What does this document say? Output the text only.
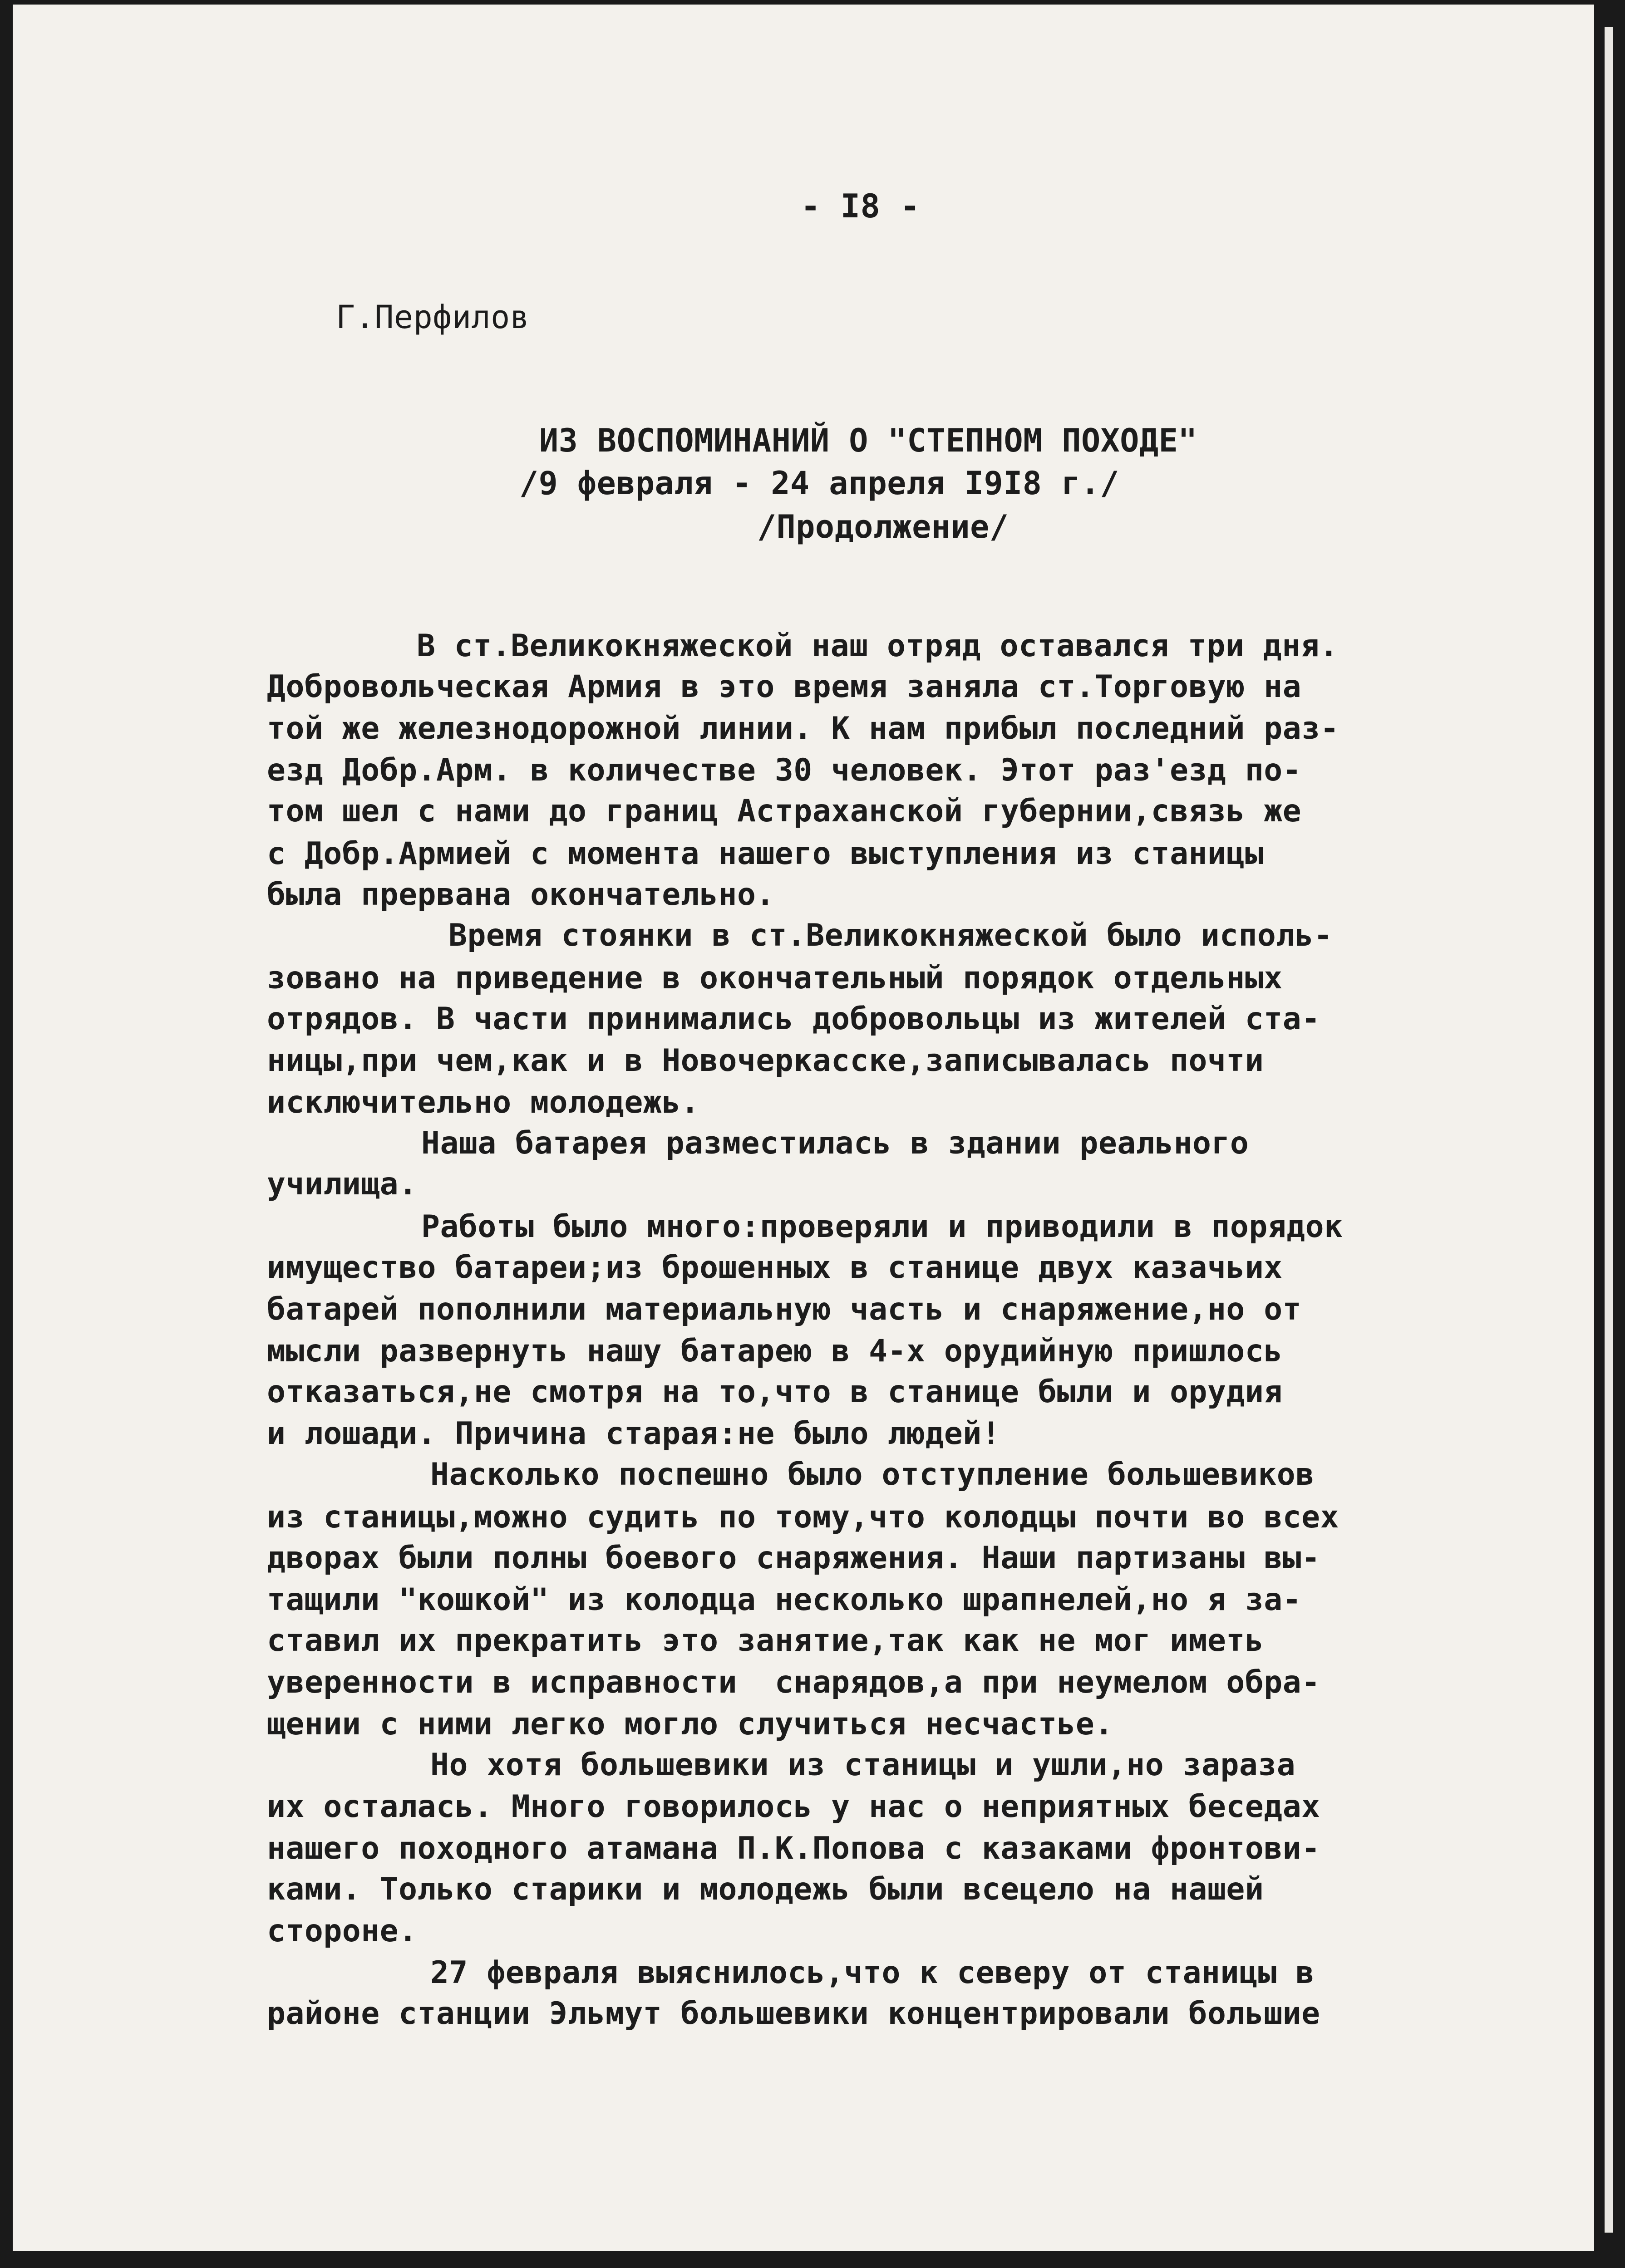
- I8 -
Г.Перфилов
ИЗ ВОСПОМИНАНИЙ О "СТЕПНОМ ПОХОДЕ"
/9 февраля - 24 апреля I9I8 г./
/Продолжение/
В ст.Великокняжеской наш отряд оставался три дня.
Добровольческая Армия в это время заняла ст.Торговую на
той же железнодорожной линии. К нам прибыл последний раз-
езд Добр.Арм. в количестве 30 человек. Этот раз'езд по-
том шел с нами до границ Астраханской губернии,связь же
с Добр.Армией с момента нашего выступления из станицы
была прервана окончательно.
Время стоянки в ст.Великокняжеской было исполь-
зовано на приведение в окончательный порядок отдельных
отрядов. В части принимались добровольцы из жителей ста-
ницы,при чем,как и в Новочеркасске,записывалась почти
исключительно молодежь.
Наша батарея разместилась в здании реального
училища.
Работы было много:проверяли и приводили в порядок
имущество батареи;из брошенных в станице двух казачьих
батарей пополнили материальную часть и снаряжение,но от
мысли развернуть нашу батарею в 4-х орудийную пришлось
отказаться,не смотря на то,что в станице были и орудия
и лошади. Причина старая:не было людей!
Насколько поспешно было отступление большевиков
из станицы,можно судить по тому,что колодцы почти во всех
дворах были полны боевого снаряжения. Наши партизаны вы-
тащили "кошкой" из колодца несколько шрапнелей,но я за-
ставил их прекратить это занятие,так как не мог иметь
уверенности в исправности  снарядов,а при неумелом обра-
щении с ними легко могло случиться несчастье.
Но хотя большевики из станицы и ушли,но зараза
их осталась. Много говорилось у нас о неприятных беседах
нашего походного атамана П.К.Попова с казаками фронтови-
ками. Только старики и молодежь были всецело на нашей
стороне.
27 февраля выяснилось,что к северу от станицы в
районе станции Эльмут большевики концентрировали большие
